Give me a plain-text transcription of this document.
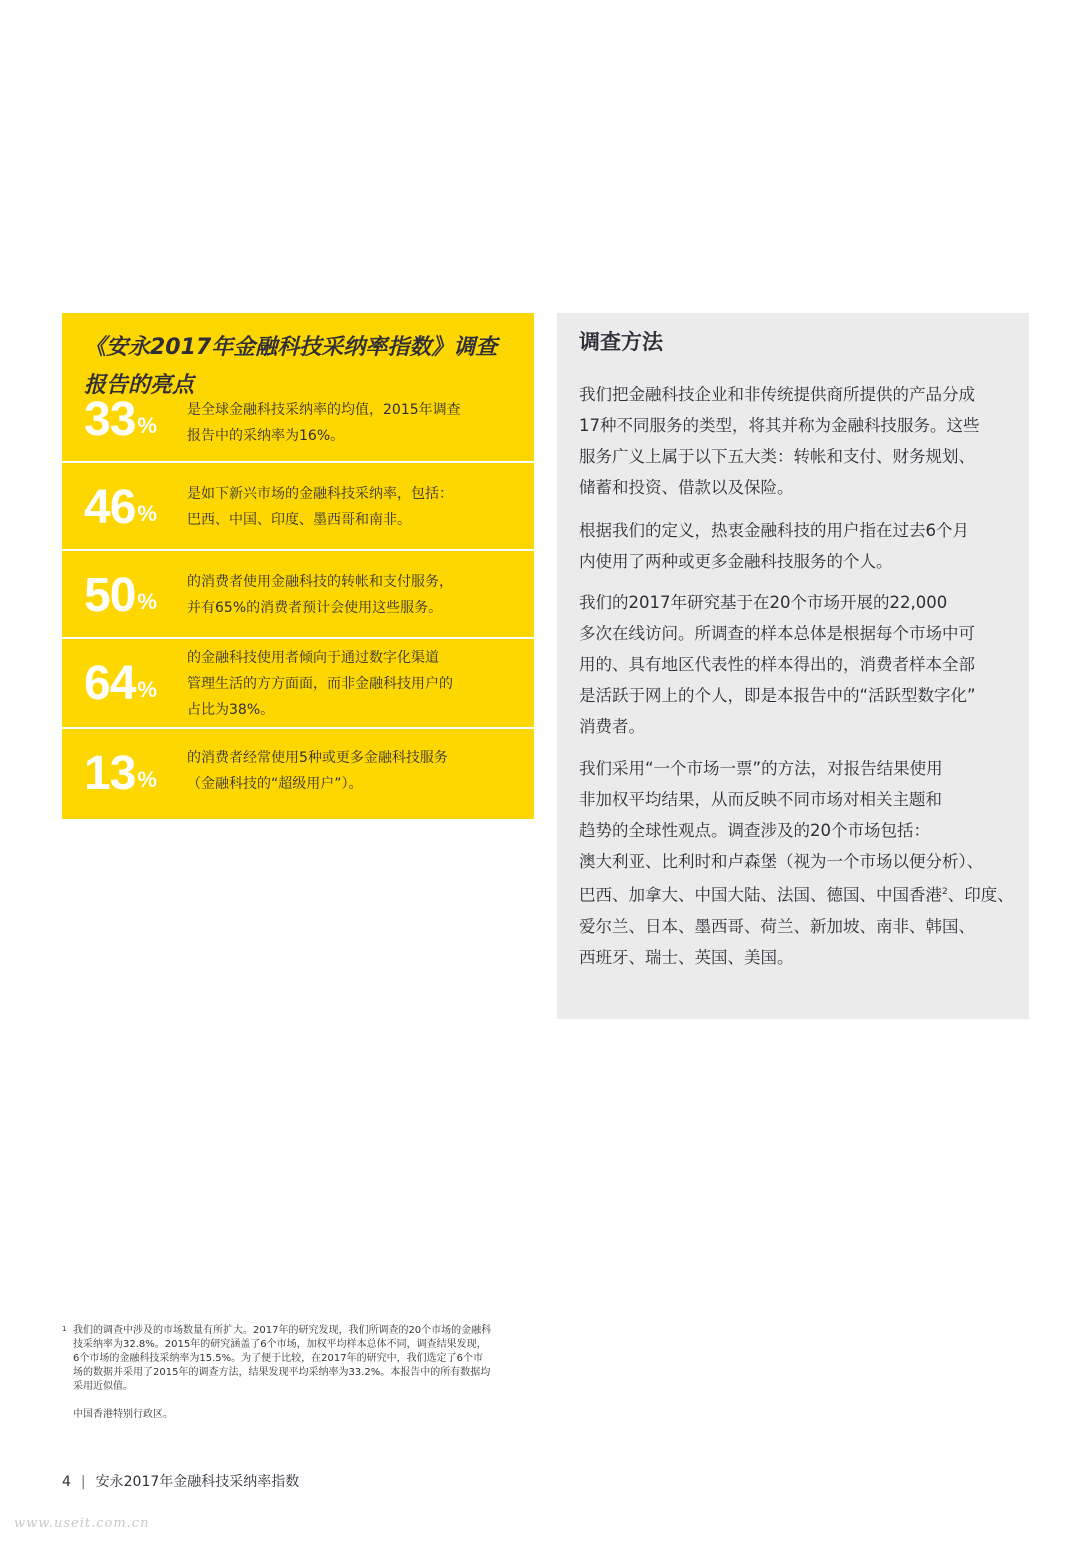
《安永2017年金融科技采纳率指数》调查
报告的亮点
33 %
是全球金融科技采纳率的均值，2015年调查
报告中的采纳率为16%。
46 %
是如下新兴市场的金融科技采纳率，包括：
巴西、中国、印度、墨西哥和南非。
50 %
的消费者使用金融科技的转帐和支付服务，
并有65%的消费者预计会使用这些服务。
64 %
的金融科技使用者倾向于通过数字化渠道
管理生活的方方面面，而非金融科技用户的
占比为38%。
13 %
的消费者经常使用5种或更多金融科技服务
（金融科技的“超级用户”）。
调查方法

我们把金融科技企业和非传统提供商所提供的产品分成
17种不同服务的类型，将其并称为金融科技服务。这些
服务广义上属于以下五大类：转帐和支付、财务规划、
储蓄和投资、借款以及保险。

根据我们的定义，热衷金融科技的用户指在过去6个月
内使用了两种或更多金融科技服务的个人。

我们的2017年研究基于在20个市场开展的22,000
多次在线访问。所调查的样本总体是根据每个市场中可
用的、具有地区代表性的样本得出的，消费者样本全部
是活跃于网上的个人，即是本报告中的“活跃型数字化”
消费者。

我们采用“一个市场一票”的方法，对报告结果使用
非加权平均结果，从而反映不同市场对相关主题和
趋势的全球性观点。调查涉及的20个市场包括：
澳大利亚、比利时和卢森堡（视为一个市场以便分析）、
巴西、加拿大、中国大陆、法国、德国、中国香港$^2$、印度、
爱尔兰、日本、墨西哥、荷兰、新加坡、南非、韩国、
西班牙、瑞士、英国、美国。

1 我们的调查中涉及的市场数量有所扩大。2017年的研究发现，我们所调查的20个市场的金融科
技采纳率为32.8%。2015年的研究涵盖了6个市场，加权平均样本总体不同，调查结果发现，
6个市场的金融科技采纳率为15.5%。为了便于比较，在2017年的研究中，我们选定了6个市
场的数据并采用了2015年的调查方法，结果发现平均采纳率为33.2%。本报告中的所有数据均
采用近似值。
中国香港特别行政区。
4 | 安永2017年金融科技采纳率指数
www.useit.com.cn
